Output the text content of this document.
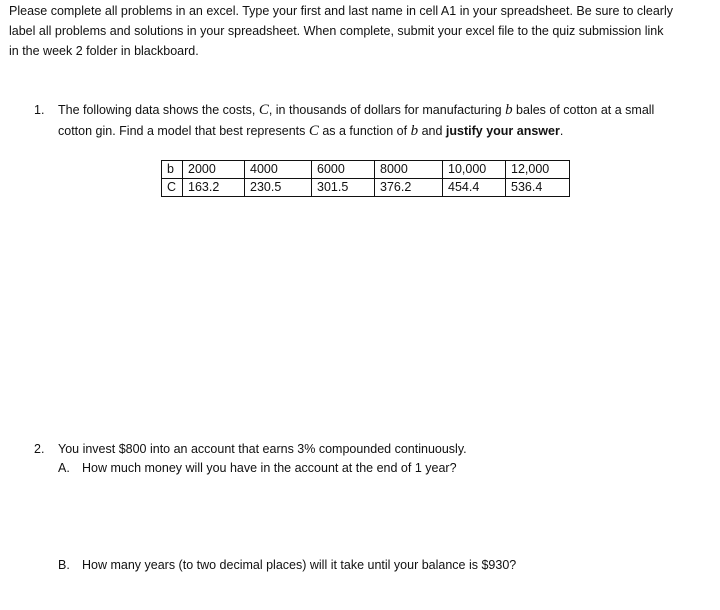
Please complete all problems in an excel. Type your first and last name in cell A1 in your spreadsheet. Be sure to clearly
label all problems and solutions in your spreadsheet. When complete, submit your excel file to the quiz submission link
in the week 2 folder in blackboard.
1. The following data shows the costs, C, in thousands of dollars for manufacturing b bales of cotton at a small
cotton gin. Find a model that best represents C as a function of b and justify your answer.
b	2000	4000	6000	8000	10,000	12,000
C	163.2	230.5	301.5	376.2	454.4	536.4
2. You invest $800 into an account that earns 3% compounded continuously.
A. How much money will you have in the account at the end of 1 year?
B. How many years (to two decimal places) will it take until your balance is $930?
